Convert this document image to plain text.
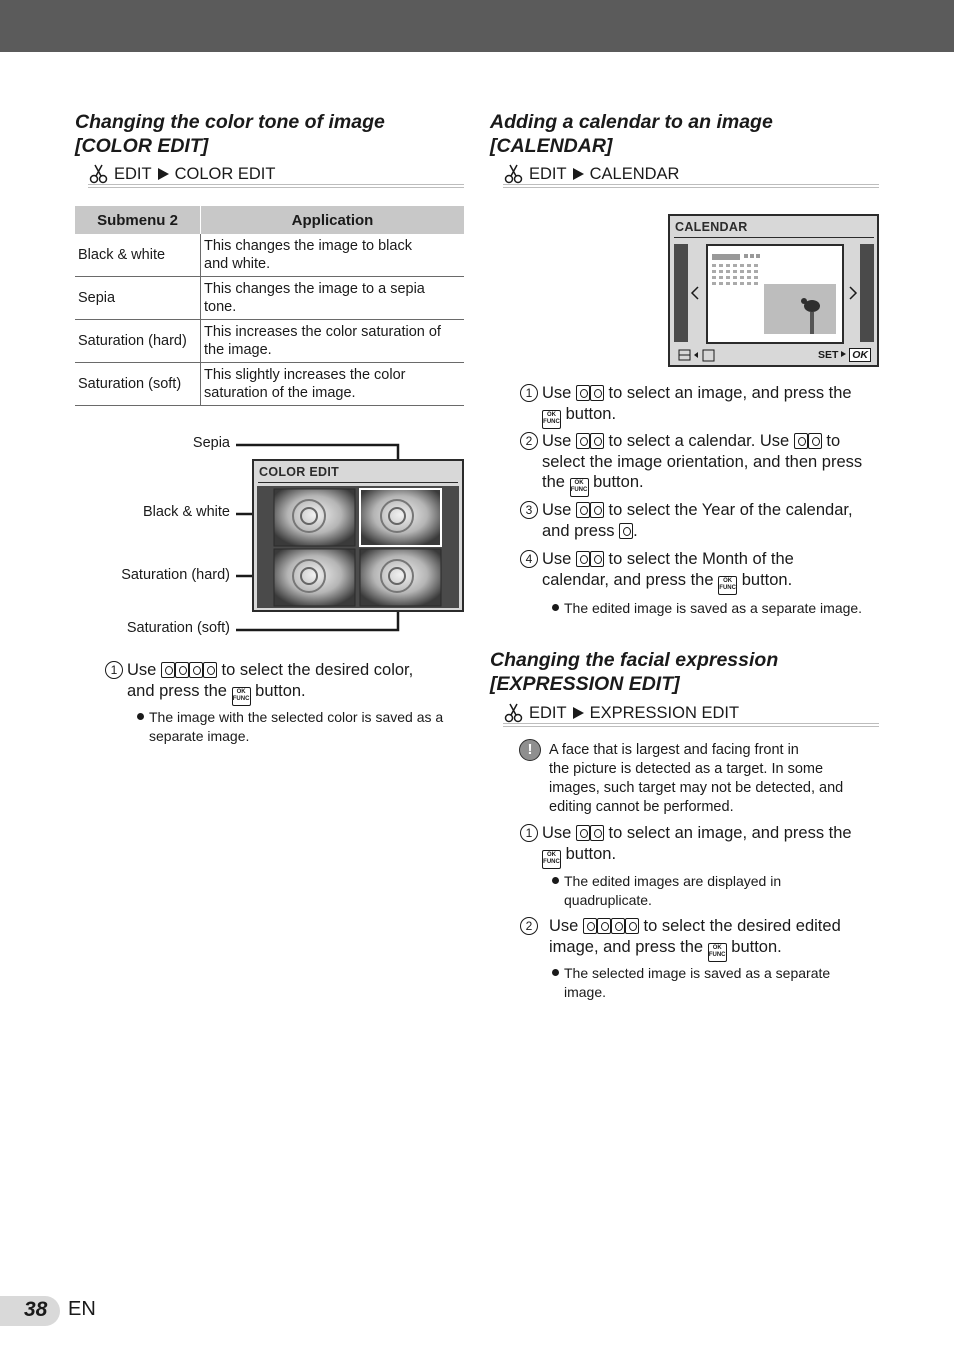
Changing the color tone of image
[COLOR EDIT]
EDIT COLOR EDIT
Submenu 2	Application
Black & white	This changes the image to black
and white.
Sepia	This changes the image to a sepia
tone.
Saturation (hard)	This increases the color saturation of
the image.
Saturation (soft)	This slightly increases the color
saturation of the image.
Sepia
Black & white
Saturation (hard)
Saturation (soft)
COLOR EDIT
1 Use	to select the desired color,
and press the OK
FUNC button.
The image with the selected color is saved as a
separate image.
Adding a calendar to an image
[CALENDAR]
EDIT CALENDAR
CALENDAR
SET OK
1 Use to select an image, and press the
OK
FUNC button.
2 Use to select a calendar. Use to
select the image orientation, and then press
the OK
FUNC button.
3 Use to select the Year of the calendar,
and press .
4 Use to select the Month of the
calendar, and press the OK
FUNC button.
The edited image is saved as a separate image.
Changing the facial expression
[EXPRESSION EDIT]
EDIT EXPRESSION EDIT
!	A face that is largest and facing front in
the picture is detected as a target. In some
images, such target may not be detected, and
editing cannot be performed.
1 Use to select an image, and press the
OK
FUNC button.
The edited images are displayed in
quadruplicate.
2	Use	to select the desired edited
image, and press the OK
FUNC button.
The selected image is saved as a separate
image.
38 EN
